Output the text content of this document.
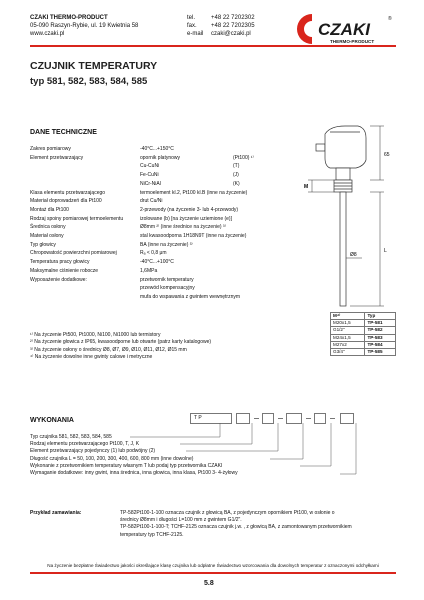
CZAKI THERMO-PRODUCT
05-090 Raszyn-Rybie, ul. 19 Kwietnia 58
www.czaki.pl
tel.	+48 22 7202302
fax. +48 22 7202305
e-mail czaki@czaki.pl	CZAKI
THERMO-PRODUCT
®
CZUJNIK TEMPERATURY
typ 581, 582, 583, 584, 585
DANE TECHNICZNE
Zakres pomiarowy	-40°C...+150°C
Element przetwarzający	opornik platynowy	(Pt100) ¹⁾
Cu-CuNi	(T)
Fe-CuNi	(J)
NiCr-NiAl	(K)
Klasa elementu przetwarzającego	termoelement kl.2, Pt100 kl.B (inne na życzenie)
Materiał doprowadzeń dla Pt100	drut Cu/Ni
Montaż dla Pt100	2-przewody (na życzenie 3- lub 4-przewody)
Rodzaj spoiny pomiarowej termoelementu	izolowane (b) [na życzenie uziemione (e)]
Średnica osłony	Ø8mm ²⁾ (inne średnice na życzenie) ³⁾
Materiał osłony	stal kwasoodporna 1H18N9T (inne na życzenie)
Typ głowicy	BA (inne na życzenie) ³⁾
Chropowatość powierzchni pomiarowej	Rₐ < 0,8 μm
Temperatura pracy głowicy	-40°C...+100°C
Maksymalne ciśnienie robocze	1,6MPa
Wyposażenie dodatkowe:	przetwornik temperatury
przewód kompensacyjny
mufa do wspawania z gwintem wewnętrznym
65
L
M
Ø8
M⁴⁾	Typ
M20x1,5	TP-581
G1/2"	TP-582
M24x1,5	TP-583
M27x2	TP-584
G3/4"	TP-585
¹⁾ Na życzenie Pt500, Pt1000, Ni100, Ni1000 lub termistory
²⁾ Na życzenie głowica z IP65, kwasoodporne lub otwarte (patrz karty katalogowe)
³⁾ Na życzenie osłony o średnicy Ø8, Ø7, Ø9, Ø10, Ø11, Ø12, Ø15 mm
⁴⁾ Na życzenie dowolne inne gwinty calowe i metryczne
WYKONANIA	T P
Typ czujnika 581, 582, 583, 584, 585
Rodzaj elementu przetwarzającego Pt100, T, J, K
Element przetwarzający pojedynczy (1) lub podwójny (2)
Długość czujnika L = 50, 100, 200, 300, 400, 600, 800 mm (inne dowolne)
Wykonanie z przetwornikiem temperatury własnym T lub podaj typ przetwornika CZAKI
Wymaganie dodatkowe: inny gwint, inna średnica, inna głowica, inna klasa, Pt100 3- 4-żyłowy
Przykład zamawiania:	TP-582Pt100-1-100 oznacza czujnik z głowicą BA, z pojedynczym opornikiem Pt100, w osłonie o
średnicy Ø8mm i długości L=100 mm z gwintem G1/2".
TP-582Pt100-1-100-T; TCHF-2125 oznacza czujnik j.w. , z głowicą BA, z zamontowanym przetwornikiem
temperatury typ TCHF-2125.
Na życzenie bezpłatne Świadectwo jakości określające klasę czujnika lub odpłatne Świadectwo wzorcowania dla dowolnych temperatur z oznaczonymi odchyłkami
5.8
